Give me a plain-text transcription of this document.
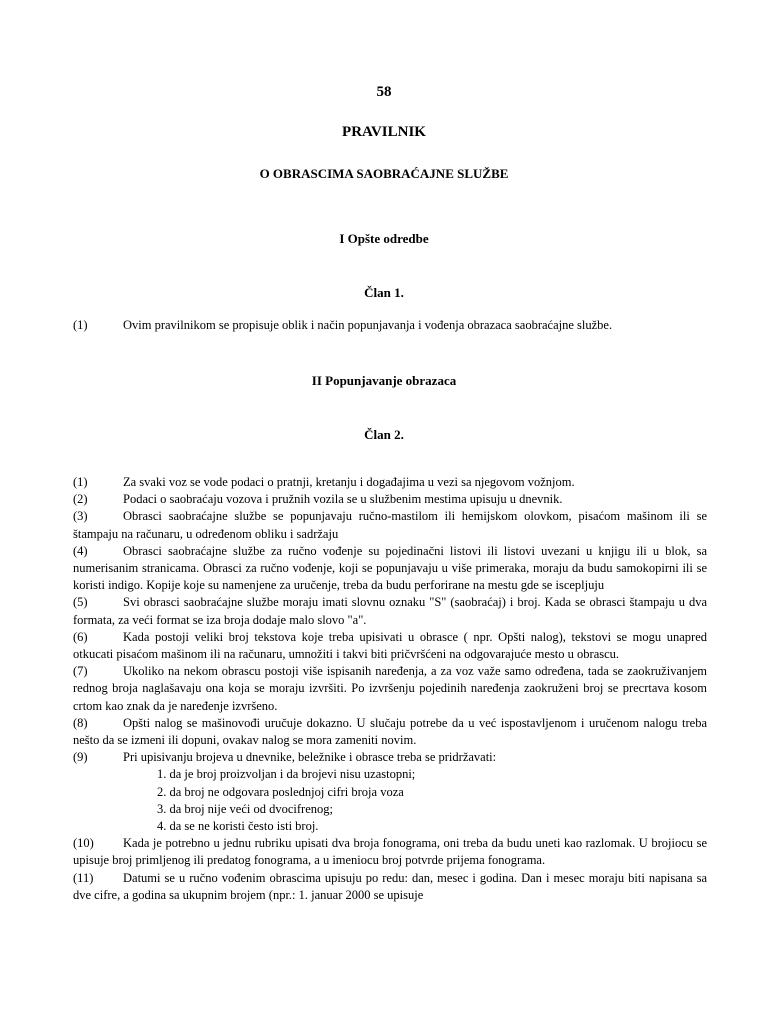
58
PRAVILNIK
O OBRASCIMA SAOBRAĆAJNE SLUŽBE
I Opšte odredbe
Član 1.
(1)	Ovim pravilnikom se propisuje oblik i način popunjavanja i vođenja obrazaca saobraćajne službe.
II Popunjavanje obrazaca
Član 2.
(1)	Za svaki voz se vode podaci o pratnji, kretanju i događajima u vezi sa njegovom vožnjom.
(2)	Podaci o saobraćaju vozova i pružnih vozila se u službenim mestima upisuju u dnevnik.
(3)	Obrasci saobraćajne službe se popunjavaju ručno-mastilom ili hemijskom olovkom, pisaćom mašinom ili se štampaju na računaru, u određenom obliku i sadržaju
(4)	Obrasci saobraćajne službe za ručno vođenje su pojedinačni listovi ili listovi uvezani u knjigu ili u blok, sa numerisanim stranicama. Obrasci za ručno vođenje, koji se popunjavaju u više primeraka, moraju da budu samokopirni ili se koristi indigo. Kopije koje su namenjene za uručenje, treba da budu perforirane na mestu gde se isceplјuju
(5)	Svi obrasci saobraćajne službe moraju imati slovnu oznaku "S" (saobraćaj) i broj. Kada se obrasci štampaju u dva formata, za veći format se iza broja dodaje malo slovo "a".
(6)	Kada postoji veliki broj tekstova koje treba upisivati u obrasce ( npr. Opšti nalog), tekstovi se mogu unapred otkucati pisaćom mašinom ili na računaru, umnožiti i takvi biti pričvršćeni na odgovarajuće mesto u obrascu.
(7)	Ukoliko na nekom obrascu postoji više ispisanih naređenja, a za voz važe samo određena, tada se zaokruživanjem rednog broja naglašavaju ona koja se moraju izvršiti. Po izvršenju pojedinih naređenja zaokruženi broj se precrtava kosom crtom kao znak da je naređenje izvršeno.
(8)	Opšti nalog se mašinovođi uručuje dokazno. U slučaju potrebe da u već ispostavljenom i uručenom nalogu treba nešto da se izmeni ili dopuni, ovakav nalog se mora zameniti novim.
(9)	Pri upisivanju brojeva u dnevnike, beležnike i obrasce treba se pridržavati:
1. da je broj proizvoljan i da brojevi nisu uzastopni;
2. da broj ne odgovara poslednjoj cifri broja voza
3. da broj nije veći od dvocifrenog;
4. da se ne koristi često isti broj.
(10) Kada je potrebno u jednu rubriku upisati dva broja fonograma, oni treba da budu uneti kao razlomak. U brojiocu se upisuje broj primljenog ili predatog fonograma, a u imeniocu broj potvrde prijema fonograma.
(11) Datumi se u ručno vođenim obrascima upisuju po redu: dan, mesec i godina. Dan i mesec moraju biti napisana sa dve cifre, a godina sa ukupnim brojem (npr.: 1. januar 2000 se upisuje
